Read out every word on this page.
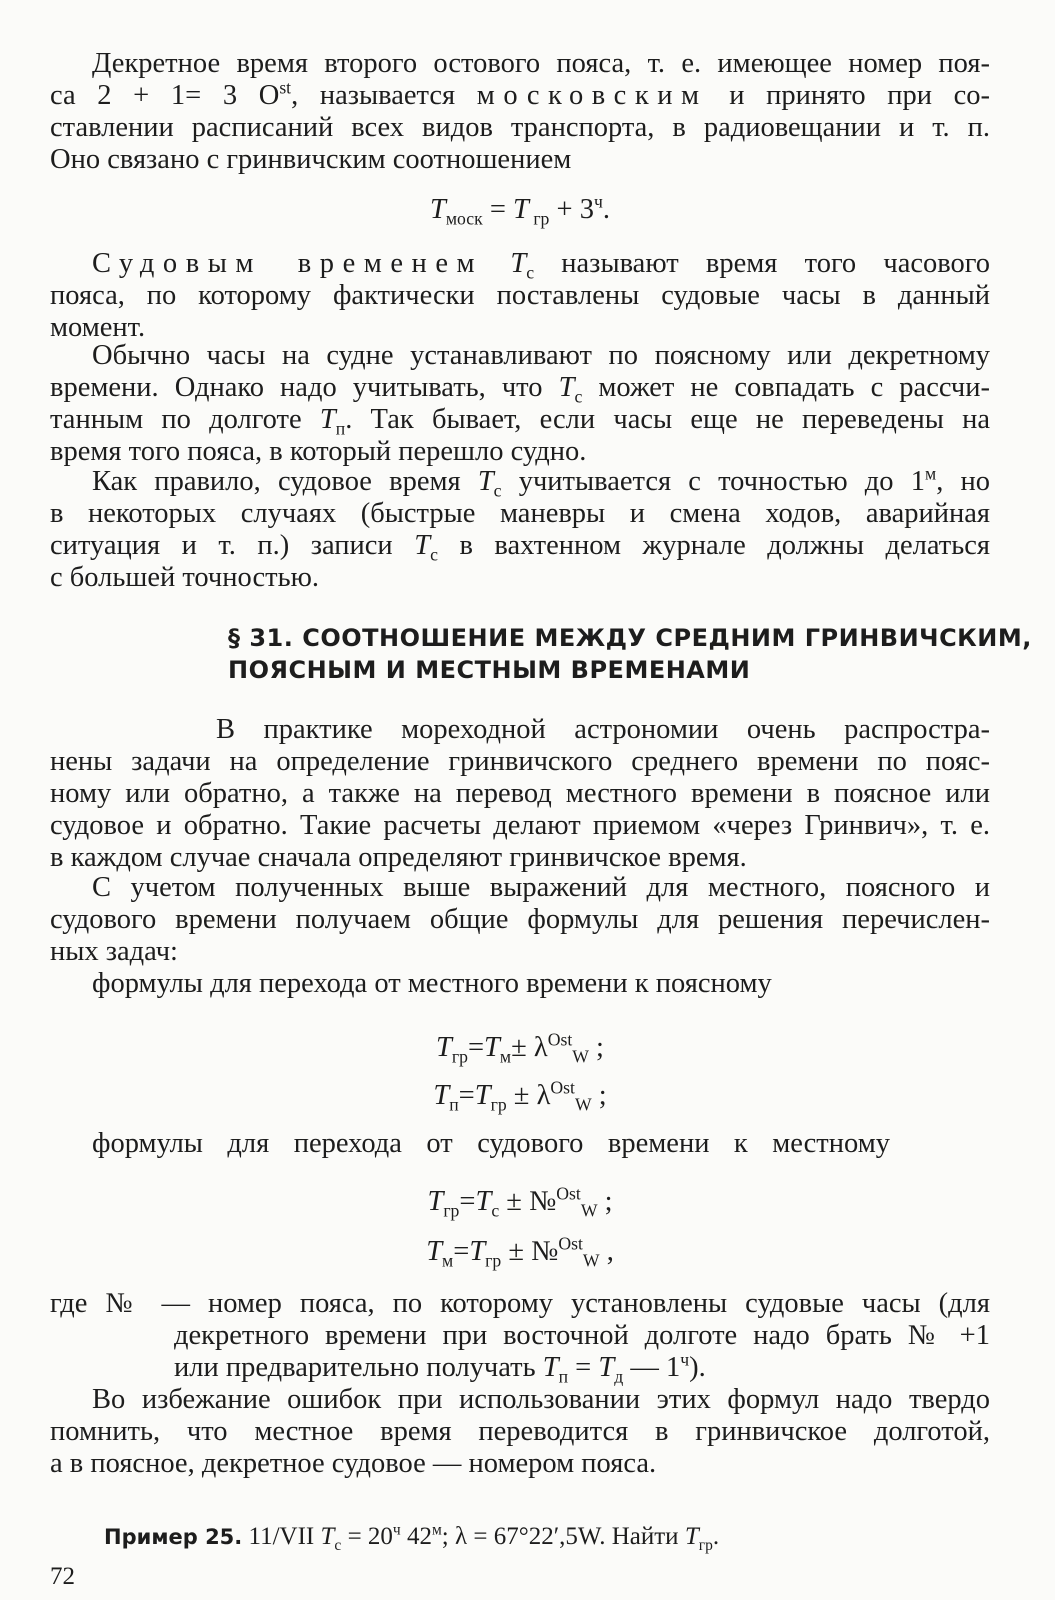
Декретное время второго остового пояса, т. е. имеющее номер поя-
са 2 + 1= 3 $O^{st}$, называется московским и принято при со-
ставлении расписаний всех видов транспорта, в радиовещании и т. п.
Оно связано с гринвичским соотношением
$T_{моск} = T$ $_{гр} + 3^ч$.
Судовым временем $T_с$ называют время того часового
пояса, по которому фактически поставлены судовые часы в данный
момент.
Обычно часы на судне устанавливают по поясному или декретному
времени. Однако надо учитывать, что $T_с$ может не совпадать с рассчи-
танным по долготе $T_п$. Так бывает, если часы еще не переведены на
время того пояса, в который перешло судно.
Как правило, судовое время $T_с$ учитывается с точностью до $1^м$, но
в некоторых случаях (быстрые маневры и смена ходов, аварийная
ситуация и т. п.) записи $T_с$ в вахтенном журнале должны делаться
с большей точностью.
§ 31. СООТНОШЕНИЕ МЕЖДУ СРЕДНИМ ГРИНВИЧСКИМ,
ПОЯСНЫМ И МЕСТНЫМ ВРЕМЕНАМИ
В практике мореходной астрономии очень распростра-
нены задачи на определение гринвичского среднего времени по пояс-
ному или обратно, а также на перевод местного времени в поясное или
судовое и обратно. Такие расчеты делают приемом «через Гринвич», т. е.
в каждом случае сначала определяют гринвичское время.
С учетом полученных выше выражений для местного, поясного и
судового времени получаем общие формулы для решения перечислен-
ных задач:
формулы для перехода от местного времени к поясному
$T_{гр}=T_м\pm \lambda^{Ost}_W$ ;
$T_п=T_{гр} \pm \lambda^{Ost}_W$ ;
формулы для перехода от судового времени к местному
$T_{гр}=T_с$ ± №$^{Ost}_W$ ;
$T_м=T_{гр}$ ± №$^{Ost}_W$ ,
где № — номер пояса, по которому установлены судовые часы (для
декретного времени при восточной долготе надо брать № +1
или предварительно получать $T_п = T_д$ — $1^ч$).
Во избежание ошибок при использовании этих формул надо твердо
помнить, что местное время переводится в гринвичское долготой,
а в поясное, декретное судовое — номером пояса.
Пример 25. 11/VII $T_с = 20^ч$ $42^м$; λ = 67°22′,5W. Найти $T_{гр}$.
72
